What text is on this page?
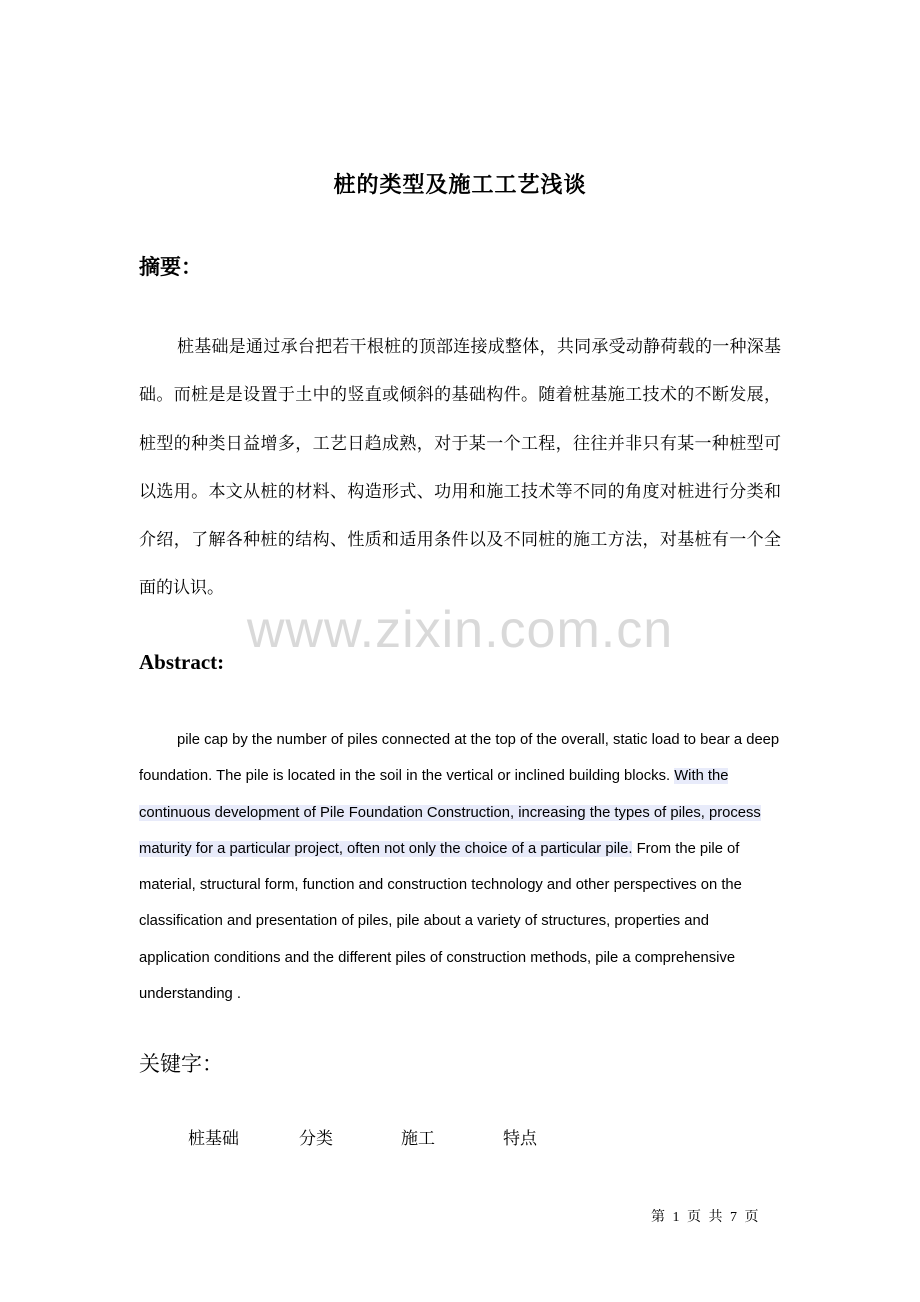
桩的类型及施工工艺浅谈
摘要：

桩基础是通过承台把若干根桩的顶部连接成整体，共同承受动静荷载的一种深基础。而桩是是设置于土中的竖直或倾斜的基础构件。随着桩基施工技术的不断发展，桩型的种类日益增多，工艺日趋成熟，对于某一个工程，往往并非只有某一种桩型可以选用。本文从桩的材料、构造形式、功用和施工技术等不同的角度对桩进行分类和介绍，了解各种桩的结构、性质和适用条件以及不同桩的施工方法，对基桩有一个全面的认识。

www.zixin.com.cn
Abstract:

pile cap by the number of piles connected at the top of the overall, static load to bear a deep foundation. The pile is located in the soil in the vertical or inclined building blocks. With the continuous development of Pile Foundation Construction, increasing the types of piles, process maturity for a particular project, often not only the choice of a particular pile. From the pile of material, structural form, function and construction technology and other perspectives on the classification and presentation of piles, pile about a variety of structures, properties and application conditions and the different piles of construction methods, pile a comprehensive understanding .

关键字：
桩基础	分类	施工	特点
第 1 页 共 7 页
